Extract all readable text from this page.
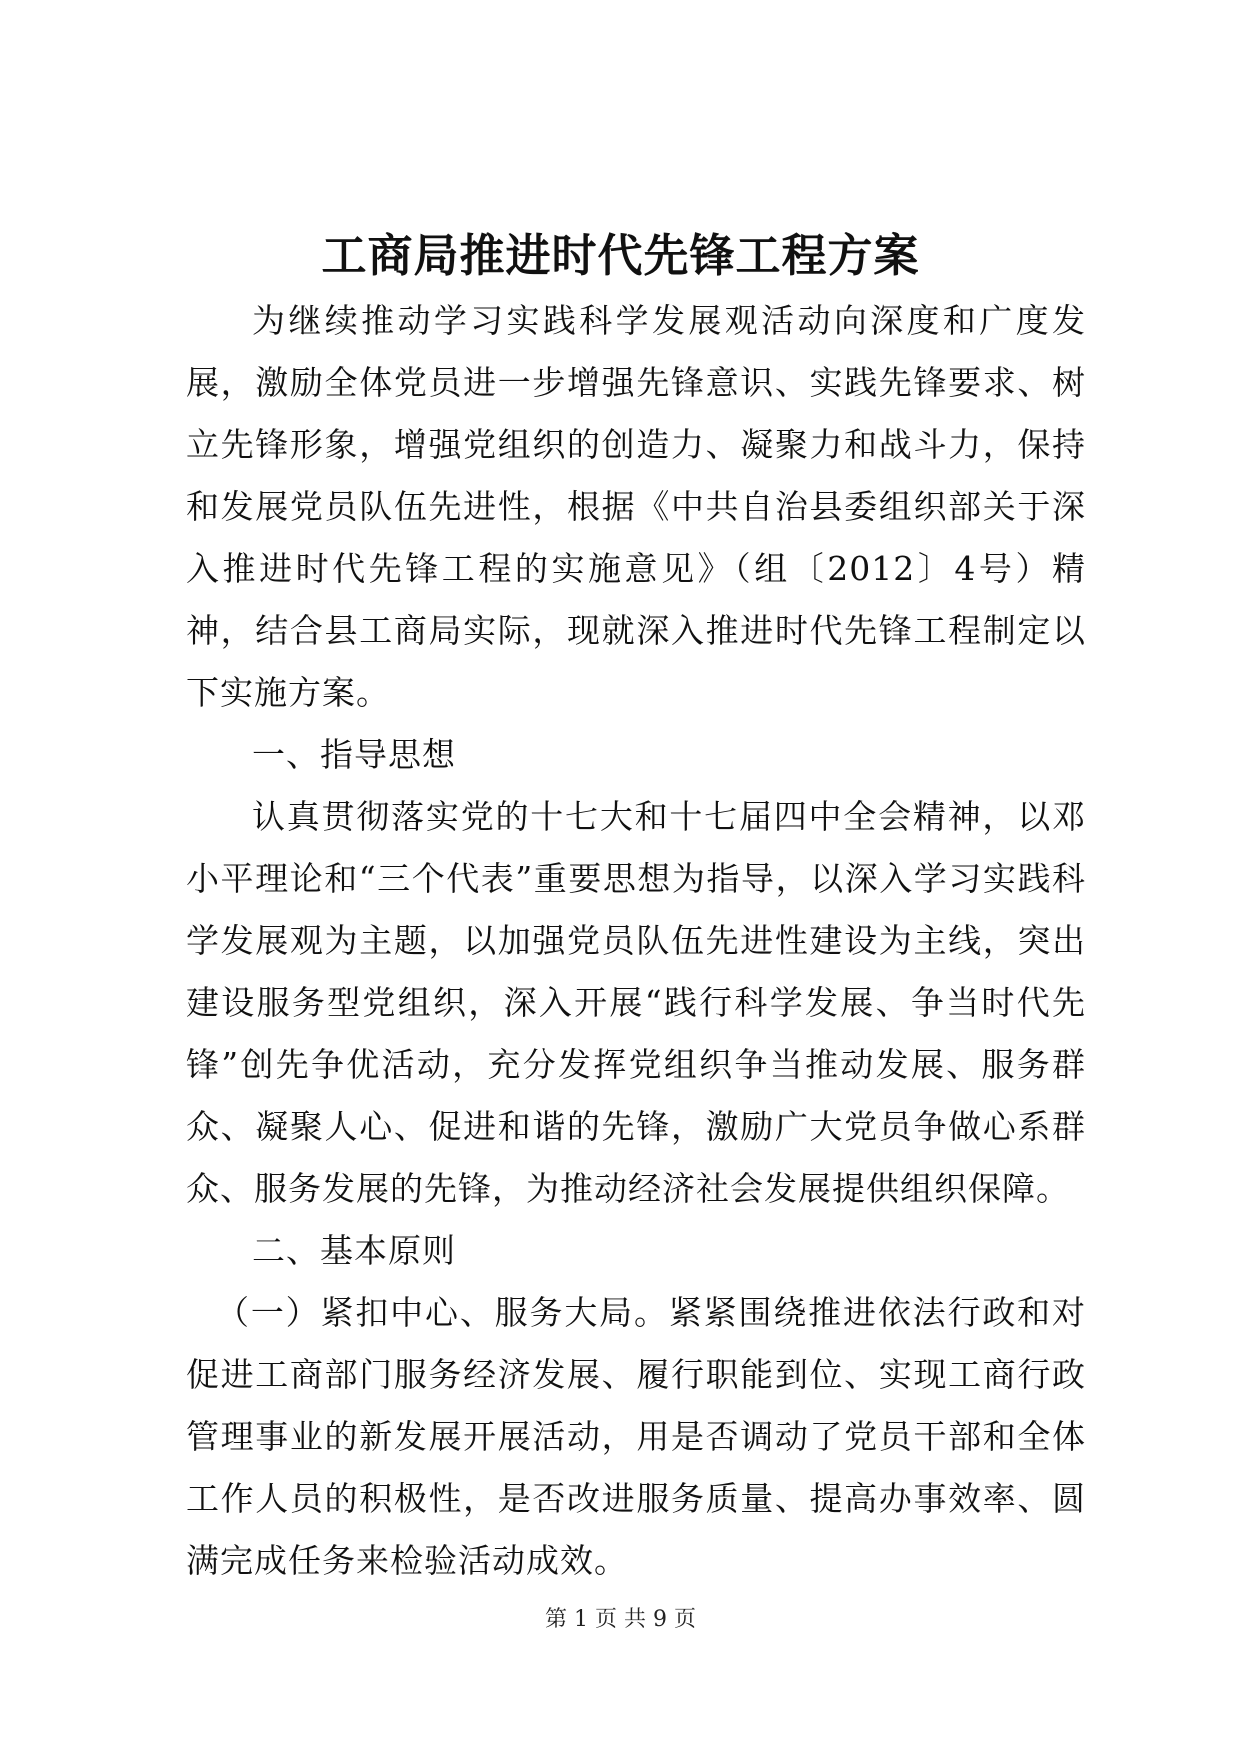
工商局推进时代先锋工程方案

为继续推动学习实践科学发展观活动向深度和广度发展，激励全体党员进一步增强先锋意识、实践先锋要求、树立先锋形象，增强党组织的创造力、凝聚力和战斗力，保持和发展党员队伍先进性，根据《中共自治县委组织部关于深入推进时代先锋工程的实施意见》（组〔2012〕4号）精神，结合县工商局实际，现就深入推进时代先锋工程制定以下实施方案。

一、指导思想

认真贯彻落实党的十七大和十七届四中全会精神，以邓小平理论和“三个代表”重要思想为指导，以深入学习实践科学发展观为主题，以加强党员队伍先进性建设为主线，突出建设服务型党组织，深入开展“践行科学发展、争当时代先锋”创先争优活动，充分发挥党组织争当推动发展、服务群众、凝聚人心、促进和谐的先锋，激励广大党员争做心系群众、服务发展的先锋，为推动经济社会发展提供组织保障。

二、基本原则

（一）紧扣中心、服务大局。紧紧围绕推进依法行政和对促进工商部门服务经济发展、履行职能到位、实现工商行政管理事业的新发展开展活动，用是否调动了党员干部和全体工作人员的积极性，是否改进服务质量、提高办事效率、圆满完成任务来检验活动成效。

第 1 页 共 9 页
